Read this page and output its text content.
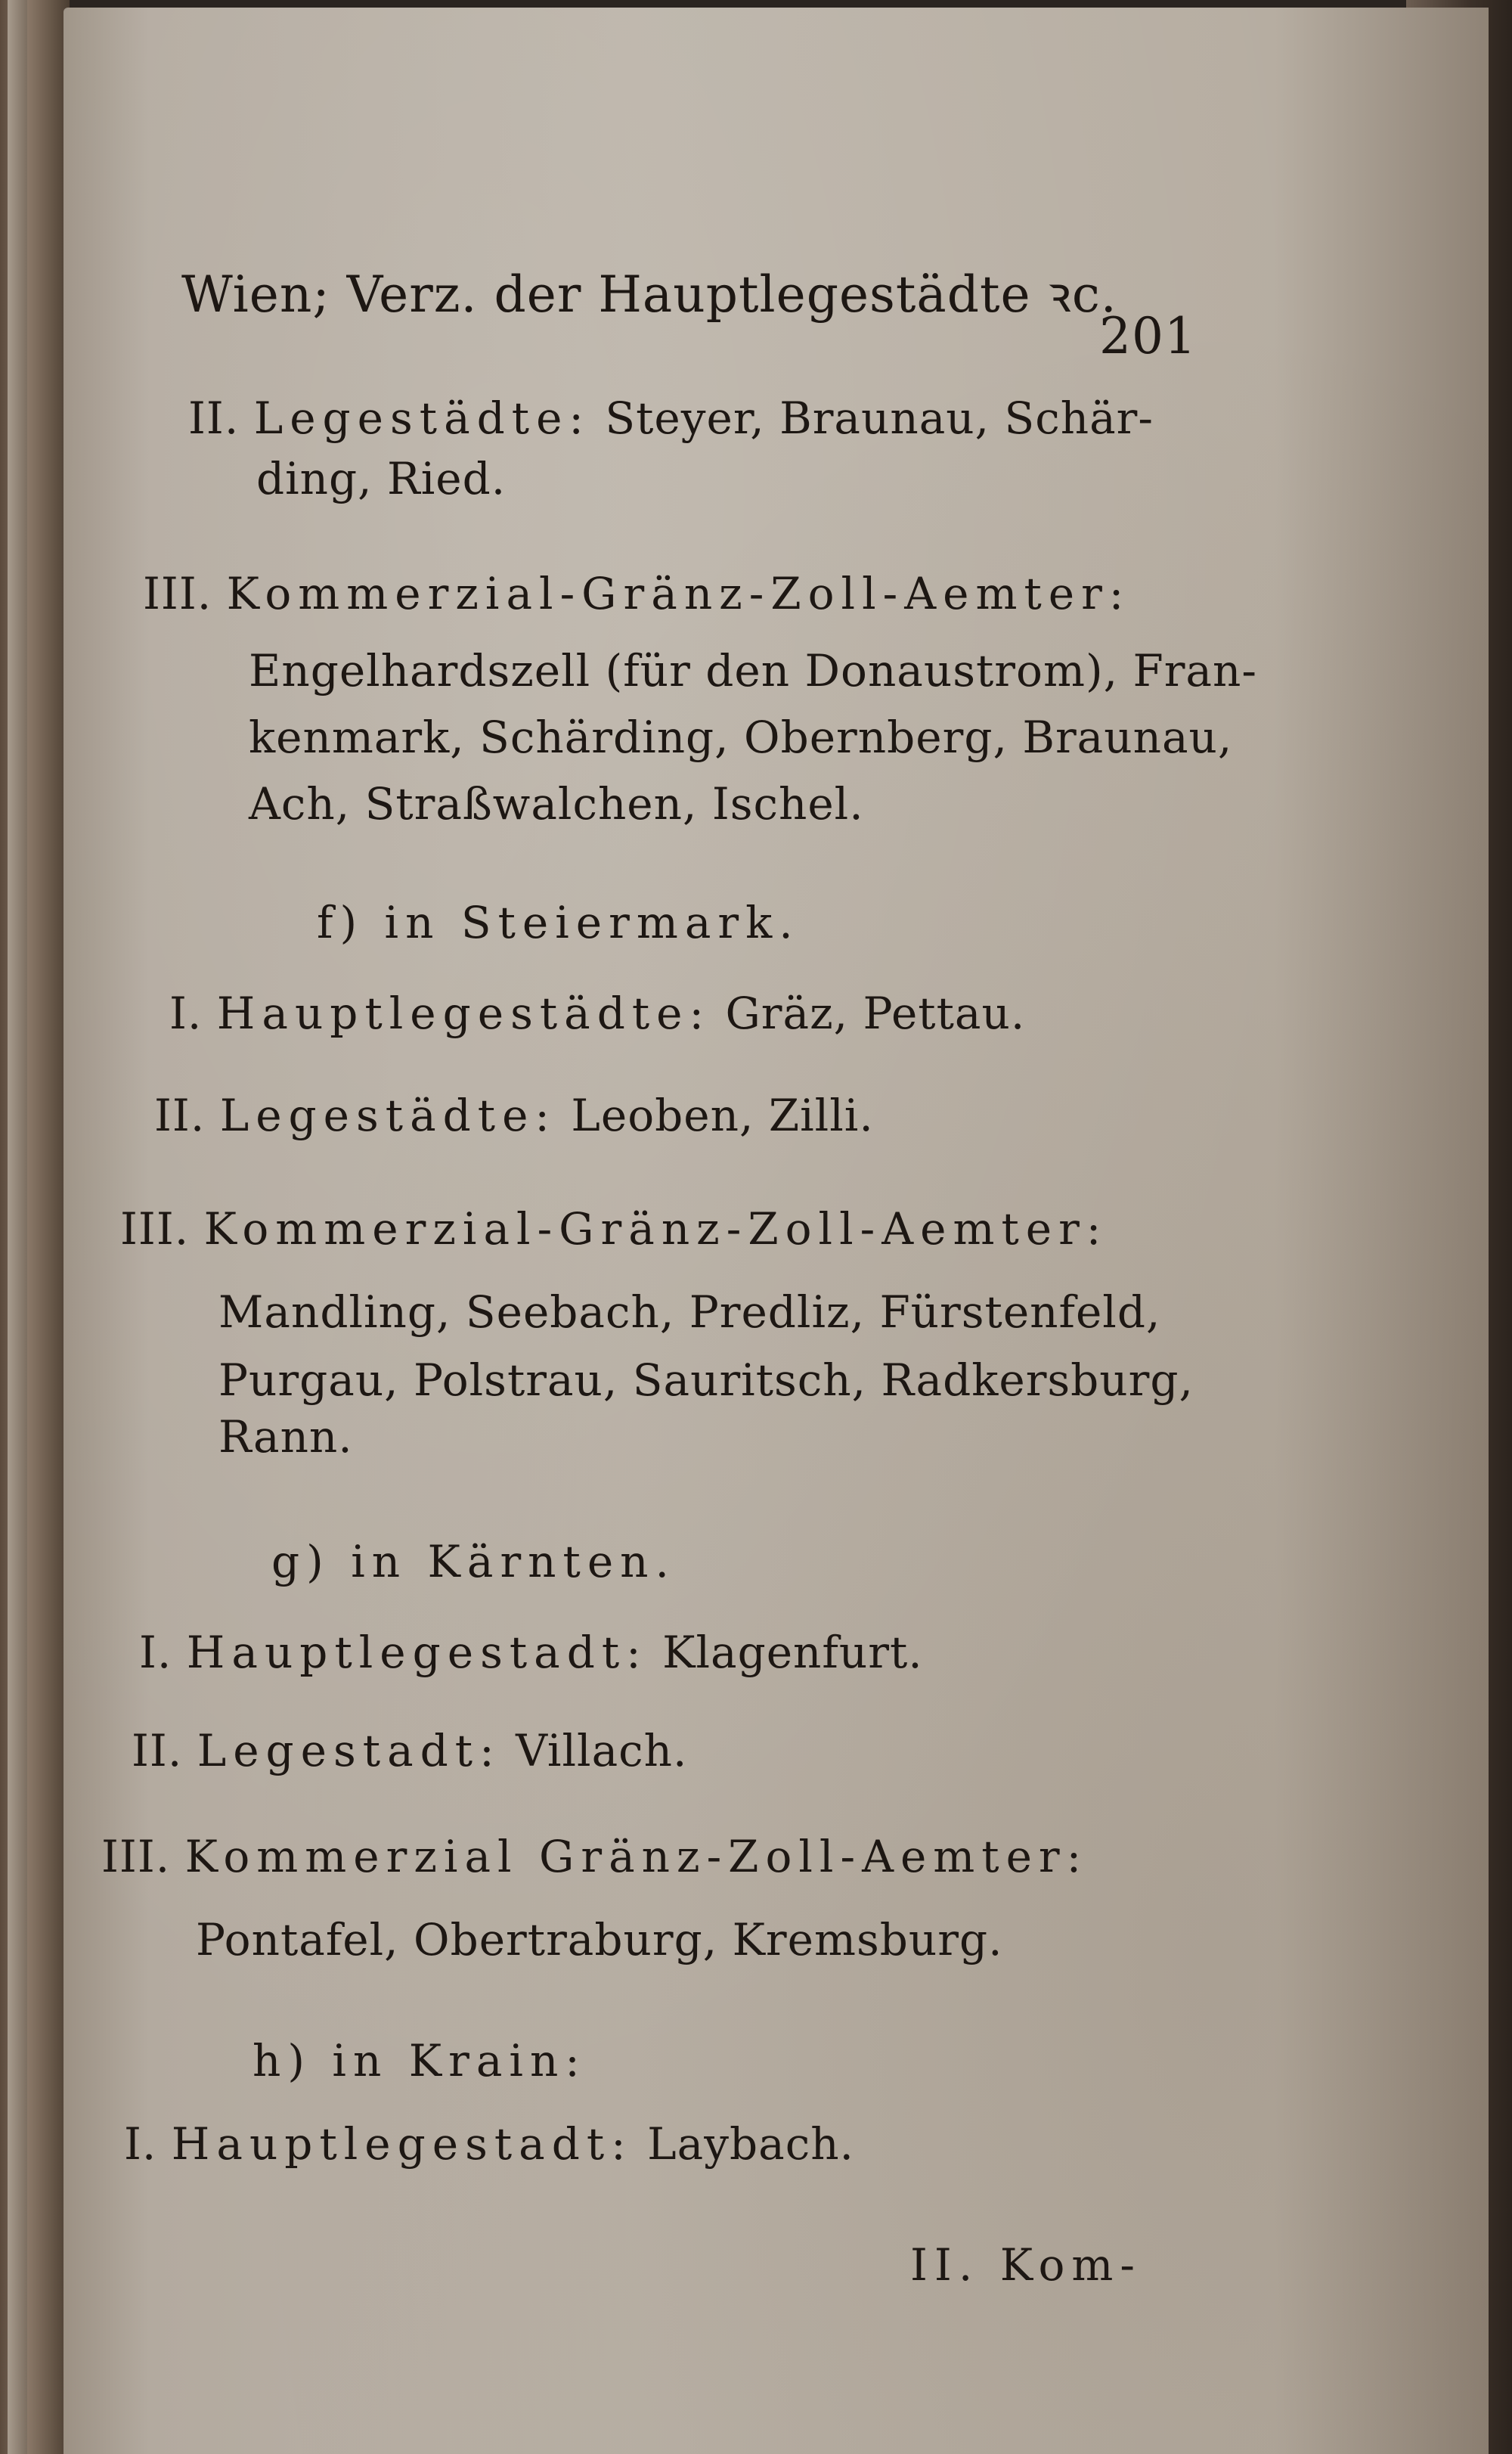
Wien; Verz. der Hauptlegestädte ꝛc.

201

II. Legestädte: Steyer, Braunau, Schär-

ding, Ried.

III. Kommerzial-Gränz-Zoll-Aemter:

Engelhardszell (für den Donaustrom), Fran-

kenmark, Schärding, Obernberg, Braunau,

Ach, Straßwalchen, Ischel.

f) in Steiermark.

I. Hauptlegestädte: Gräz, Pettau.

II. Legestädte: Leoben, Zilli.

III. Kommerzial-Gränz-Zoll-Aemter:

Mandling, Seebach, Predliz, Fürstenfeld,

Purgau, Polstrau, Sauritsch, Radkersburg,

Rann.

g) in Kärnten.

I. Hauptlegestadt: Klagenfurt.

II. Legestadt: Villach.

III. Kommerzial Gränz-Zoll-Aemter:

Pontafel, Obertraburg, Kremsburg.

h) in Krain:

I. Hauptlegestadt: Laybach.

II. Kom-
